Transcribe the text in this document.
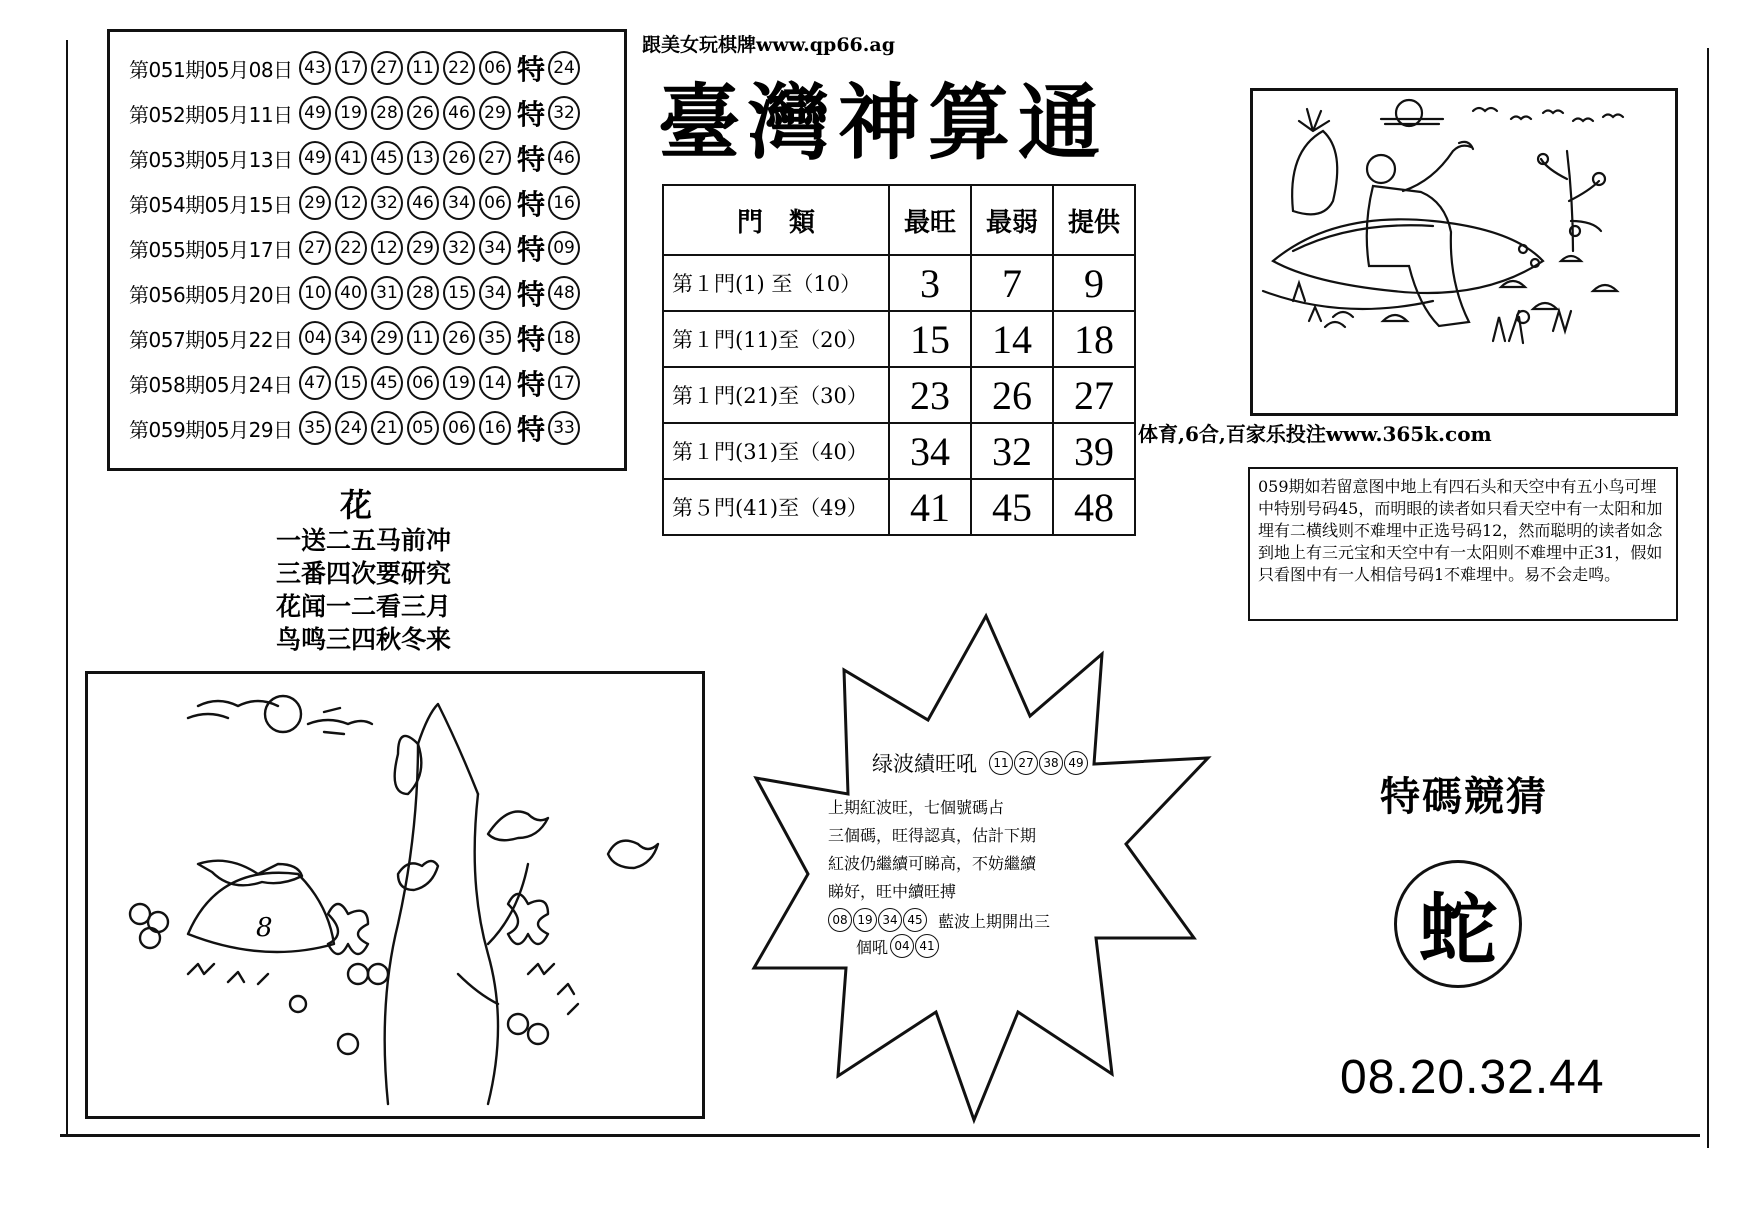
第051期05月08日 43 17 27 11 22 06 特 24
第052期05月11日 49 19 28 26 46 29 特 32
第053期05月13日 49 41 45 13 26 27 特 46
第054期05月15日 29 12 32 46 34 06 特 16
第055期05月17日 27 22 12 29 32 34 特 09
第056期05月20日 10 40 31 28 15 34 特 48
第057期05月22日 04 34 29 11 26 35 特 18
第058期05月24日 47 15 45 06 19 14 特 17
第059期05月29日 35 24 21 05 06 16 特 33
跟美女玩棋牌www.qp66.ag
臺灣神算通
門　類	最旺	最弱	提供
第１門(1) 至（10）	3	7	9
第１門(11)至（20）	15	14	18
第１門(21)至（30）	23	26	27
第１門(31)至（40）	34	32	39
第５門(41)至（49）	41	45	48
体育,6合,百家乐投注www.365k.com
059期如若留意图中地上有四石头和天空中有五小鸟可埋中特别号码45，而明眼的读者如只看天空中有一太阳和加埋有二横线则不难埋中正选号码12，然而聪明的读者如念到地上有三元宝和天空中有一太阳则不难埋中正31，假如只看图中有一人相信号码1不难埋中。易不会走鸣。
花
一送二五马前冲
三番四次要研究
花闻一二看三月
鸟鸣三四秋冬来
8
绿波績旺吼	11 27 38 49
上期紅波旺，七個號碼占
三個碼，旺得認真，估計下期
紅波仍繼續可睇高，不妨繼續
睇好，旺中續旺搏
08 19 34 45 藍波上期開出三
個吼 04 41
特碼競猜
蛇
08.20.32.44
